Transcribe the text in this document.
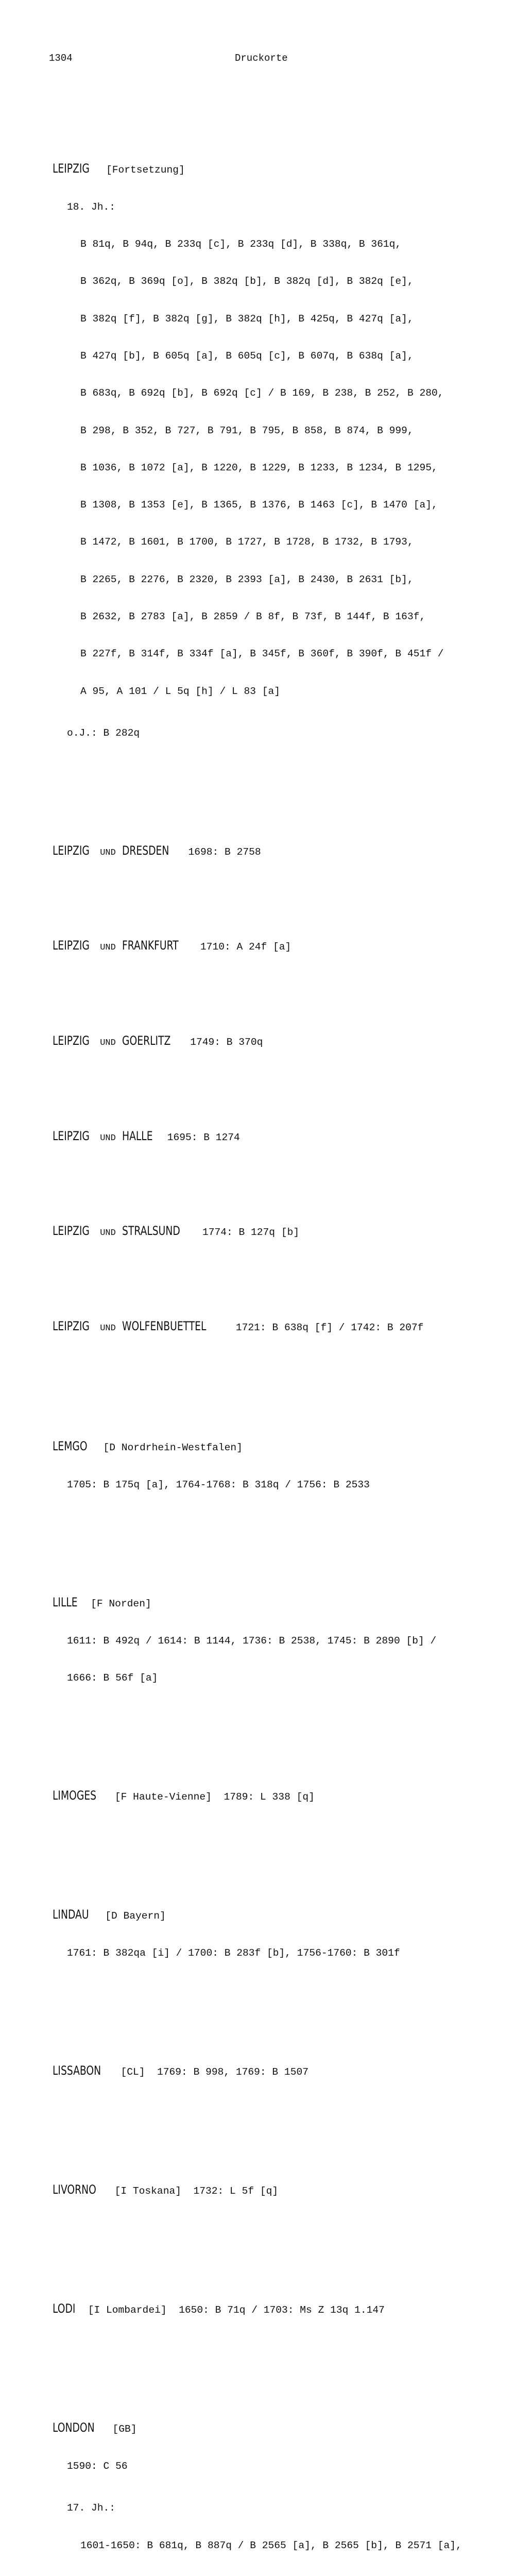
1304	Druckorte

LEIPZIG [Fortsetzung]

18. Jh.:

B 81q, B 94q, B 233q [c], B 233q [d], B 338q, B 361q,

B 362q, B 369q [o], B 382q [b], B 382q [d], B 382q [e],

B 382q [f], B 382q [g], B 382q [h], B 425q, B 427q [a],

B 427q [b], B 605q [a], B 605q [c], B 607q, B 638q [a],

B 683q, B 692q [b], B 692q [c] / B 169, B 238, B 252, B 280,

B 298, B 352, B 727, B 791, B 795, B 858, B 874, B 999,

B 1036, B 1072 [a], B 1220, B 1229, B 1233, B 1234, B 1295,

B 1308, B 1353 [e], B 1365, B 1376, B 1463 [c], B 1470 [a],

B 1472, B 1601, B 1700, B 1727, B 1728, B 1732, B 1793,

B 2265, B 2276, B 2320, B 2393 [a], B 2430, B 2631 [b],

B 2632, B 2783 [a], B 2859 / B 8f, B 73f, B 144f, B 163f,

B 227f, B 314f, B 334f [a], B 345f, B 360f, B 390f, B 451f /

A 95, A 101 / L 5q [h] / L 83 [a]

o.J.: B 282q

LEIPZIG UND DRESDEN 1698: B 2758

LEIPZIG UND FRANKFURT 1710: A 24f [a]

LEIPZIG UND GOERLITZ 1749: B 370q

LEIPZIG UND HALLE 1695: B 1274

LEIPZIG UND STRALSUND 1774: B 127q [b]

LEIPZIG UND WOLFENBUETTEL	1721: B 638q [f] / 1742: B 207f

LEMGO [D Nordrhein-Westfalen]

1705: B 175q [a], 1764-1768: B 318q / 1756: B 2533

LILLE [F Norden]

1611: B 492q / 1614: B 1144, 1736: B 2538, 1745: B 2890 [b] /

1666: B 56f [a]

LIMOGES [F Haute-Vienne] 1789: L 338 [q]

LINDAU [D Bayern]

1761: B 382qa [i] / 1700: B 283f [b], 1756-1760: B 301f

LISSABON [CL] 1769: B 998, 1769: B 1507

LIVORNO [I Toskana] 1732: L 5f [q]

LODI [I Lombardei] 1650: B 71q / 1703: Ms Z 13q 1.147

LONDON [GB]

1590: C 56

17. Jh.:

1601-1650: B 681q, B 887q / B 2565 [a], B 2565 [b], B 2571 [a],
